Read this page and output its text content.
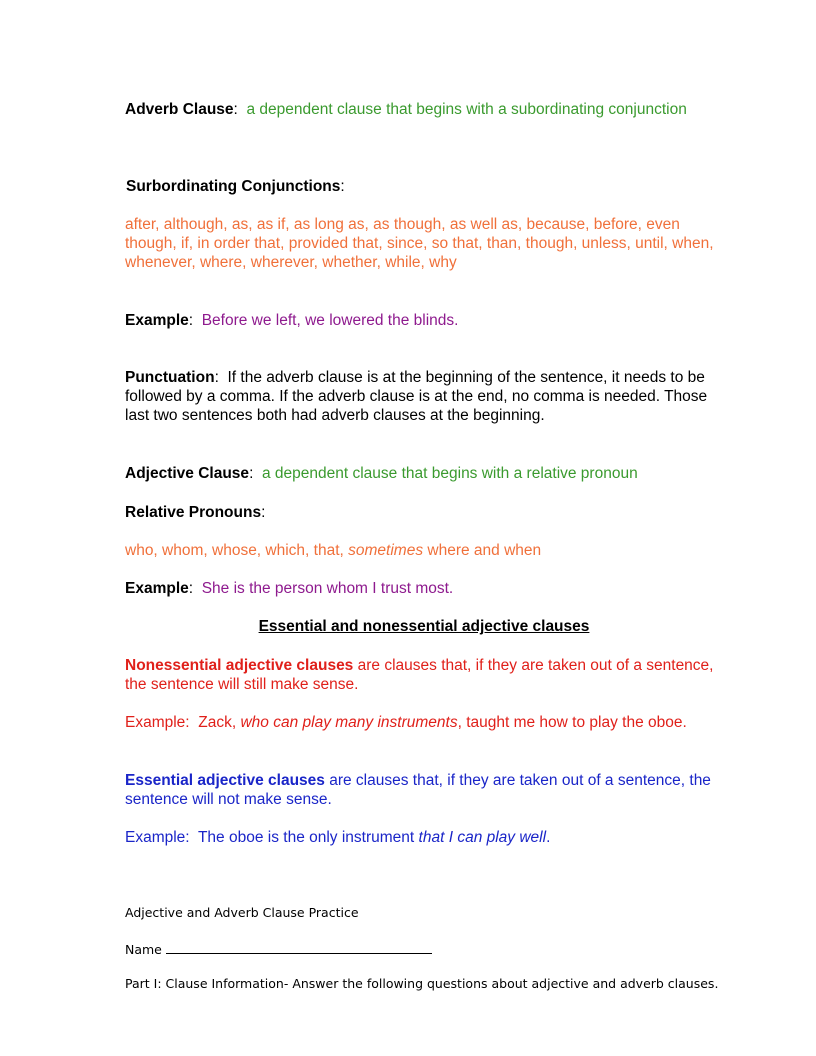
Adverb Clause:  a dependent clause that begins with a subordinating conjunction
Surbordinating Conjunctions:
after, although, as, as if, as long as, as though, as well as, because, before, even though, if, in order that, provided that, since, so that, than, though, unless, until, when, whenever, where, wherever, whether, while, why
Example:  Before we left, we lowered the blinds.
Punctuation:  If the adverb clause is at the beginning of the sentence, it needs to be followed by a comma. If the adverb clause is at the end, no comma is needed. Those last two sentences both had adverb clauses at the beginning.
Adjective Clause:  a dependent clause that begins with a relative pronoun
Relative Pronouns:
who, whom, whose, which, that, sometimes where and when
Example:  She is the person whom I trust most.
Essential and nonessential adjective clauses
Nonessential adjective clauses are clauses that, if they are taken out of a sentence, the sentence will still make sense.
Example: Zack, who can play many instruments, taught me how to play the oboe.
Essential adjective clauses are clauses that, if they are taken out of a sentence, the sentence will not make sense.
Example: The oboe is the only instrument that I can play well.
Adjective and Adverb Clause Practice
Name
Part I: Clause Information- Answer the following questions about adjective and adverb clauses.
